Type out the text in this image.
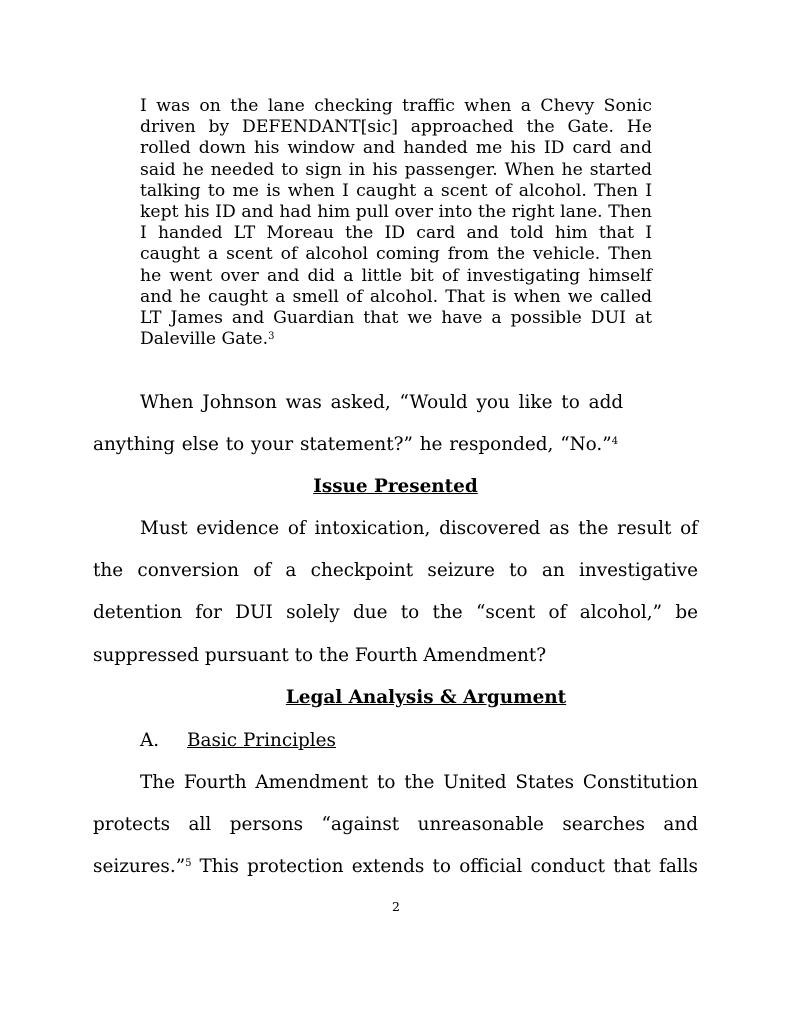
I was on the lane checking traffic when a Chevy Sonic driven by DEFENDANT[sic] approached the Gate. He rolled down his window and handed me his ID card and said he needed to sign in his passenger. When he started talking to me is when I caught a scent of alcohol. Then I kept his ID and had him pull over into the right lane. Then I handed LT Moreau the ID card and told him that I caught a scent of alcohol coming from the vehicle. Then he went over and did a little bit of investigating himself and he caught a smell of alcohol. That is when we called LT James and Guardian that we have a possible DUI at Daleville Gate.$^3$
When Johnson was asked, “Would you like to add
anything else to your statement?” he responded, “No.”$^4$
Issue Presented
Must evidence of intoxication, discovered as the result of
the conversion of a checkpoint seizure to an investigative
detention for DUI solely due to the “scent of alcohol,” be
suppressed pursuant to the Fourth Amendment?
Legal Analysis & Argument
A. Basic Principles
The Fourth Amendment to the United States Constitution
protects all persons “against unreasonable searches and
seizures.”$^5$ This protection extends to official conduct that falls
2
